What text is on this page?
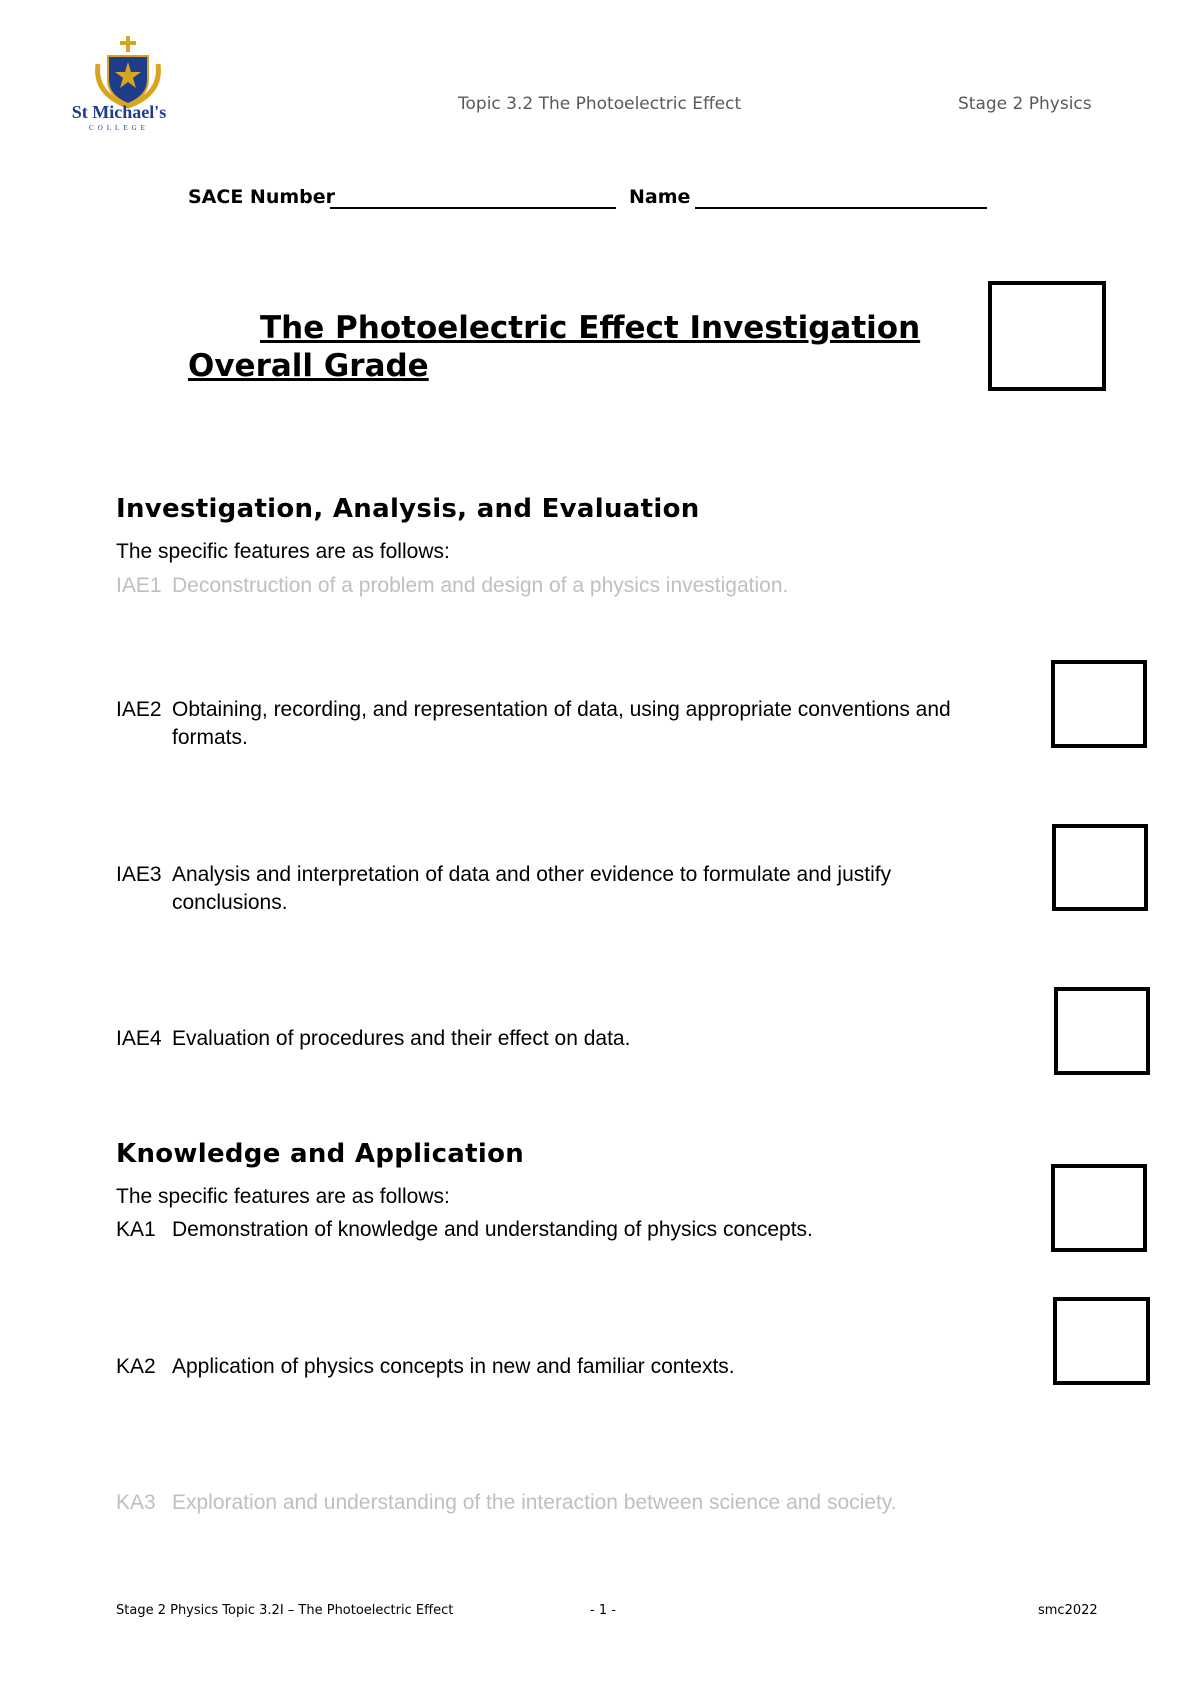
St Michael's
COLLEGE
Topic 3.2 The Photoelectric Effect	Stage 2 Physics
SACE Number	Name
The Photoelectric Effect Investigation
Overall Grade
Investigation, Analysis, and Evaluation
The specific features are as follows:
IAE1 Deconstruction of a problem and design of a physics investigation.
IAE2 Obtaining, recording, and representation of data, using appropriate conventions and
formats.
IAE3 Analysis and interpretation of data and other evidence to formulate and justify
conclusions.
IAE4 Evaluation of procedures and their effect on data.
Knowledge and Application
The specific features are as follows:
KA1 Demonstration of knowledge and understanding of physics concepts.
KA2 Application of physics concepts in new and familiar contexts.
KA3 Exploration and understanding of the interaction between science and society.
Stage 2 Physics Topic 3.2I – The Photoelectric Effect	- 1 -	smc2022
